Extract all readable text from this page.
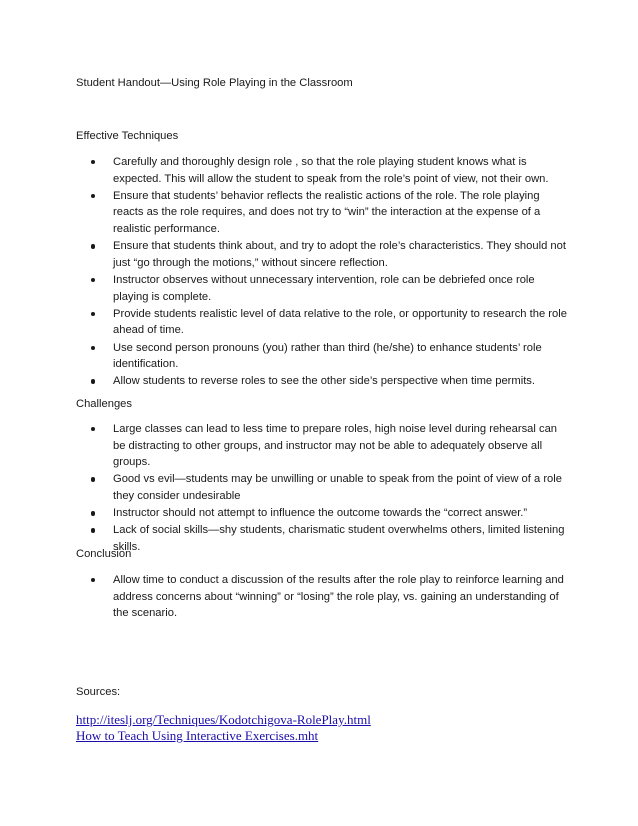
Student Handout—Using Role Playing in the Classroom
Effective Techniques
Carefully and thoroughly design role , so that the role playing student knows what is expected. This will allow the student to speak from the role’s point of view, not their own.
Ensure that students’ behavior reflects the realistic actions of the role. The role playing reacts as the role requires, and does not try to “win” the interaction at the expense of a realistic performance.
Ensure that students think about, and try to adopt the role’s characteristics. They should not just “go through the motions,” without sincere reflection.
Instructor observes without unnecessary intervention, role can be debriefed once role playing is complete.
Provide students realistic level of data relative to the role, or opportunity to research the role ahead of time.
Use second person pronouns (you) rather than third (he/she) to enhance students’ role identification.
Allow students to reverse roles to see the other side’s perspective when time permits.
Challenges
Large classes can lead to less time to prepare roles, high noise level during rehearsal can be distracting to other groups, and instructor may not be able to adequately observe all groups.
Good vs evil—students may be unwilling or unable to speak from the point of view of a role they consider undesirable
Instructor should not attempt to influence the outcome towards the “correct answer.”
Lack of social skills—shy students, charismatic student overwhelms others, limited listening skills.
Conclusion
Allow time to conduct a discussion of the results after the role play to reinforce learning and address concerns about “winning” or “losing” the role play, vs. gaining an understanding of the scenario.
Sources:
http://iteslj.org/Techniques/Kodotchigova-RolePlay.html
How to Teach Using Interactive Exercises.mht
